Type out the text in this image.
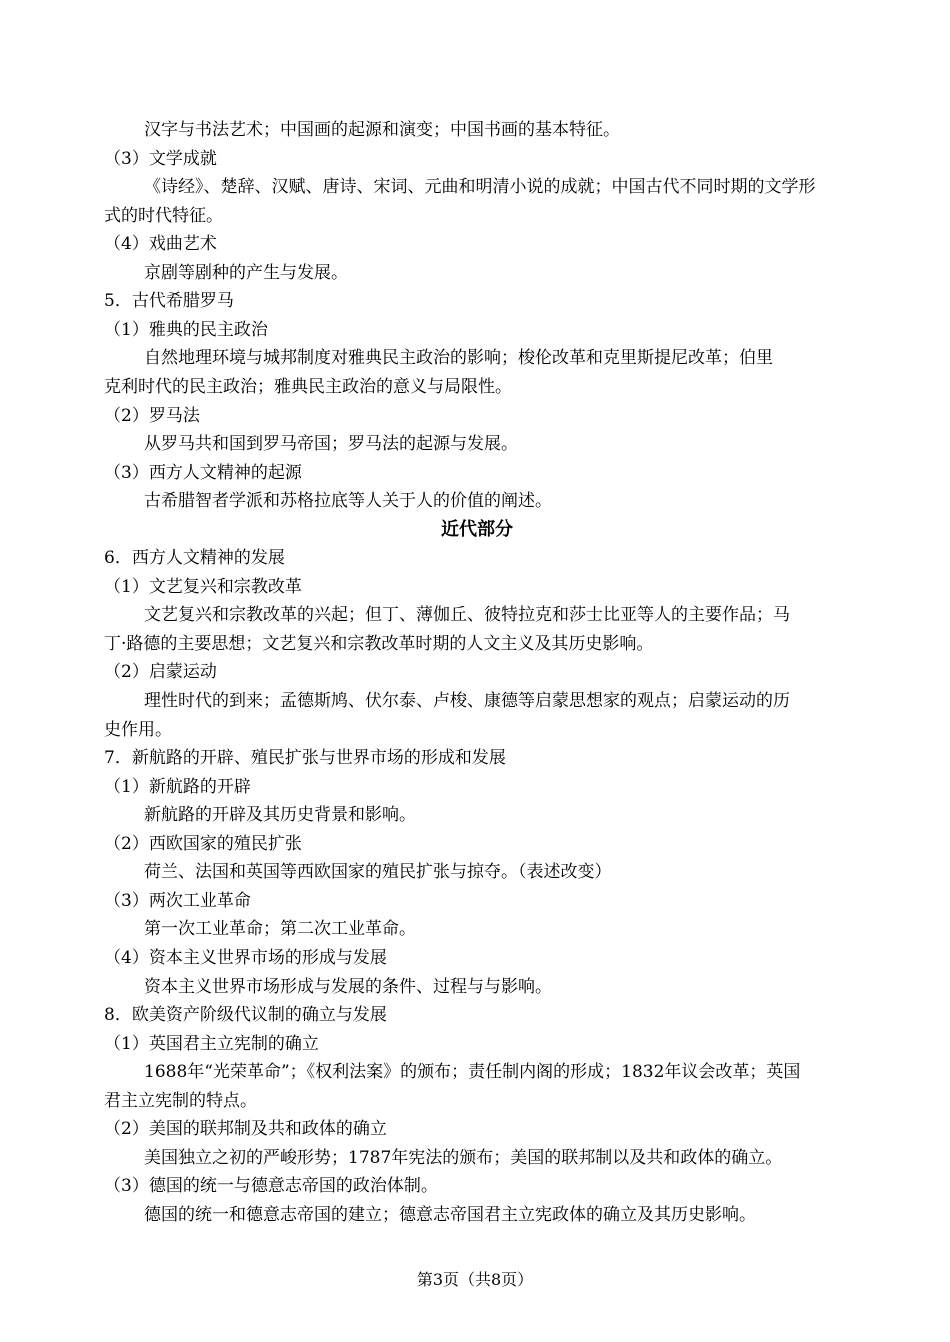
汉字与书法艺术；中国画的起源和演变；中国书画的基本特征。
（3）文学成就
《诗经》、楚辞、汉赋、唐诗、宋词、元曲和明清小说的成就；中国古代不同时期的文学形
式的时代特征。
（4）戏曲艺术
京剧等剧种的产生与发展。
5．古代希腊罗马
（1）雅典的民主政治
自然地理环境与城邦制度对雅典民主政治的影响；梭伦改革和克里斯提尼改革；伯里
克利时代的民主政治；雅典民主政治的意义与局限性。
（2）罗马法
从罗马共和国到罗马帝国；罗马法的起源与发展。
（3）西方人文精神的起源
古希腊智者学派和苏格拉底等人关于人的价值的阐述。
近代部分
6．西方人文精神的发展
（1）文艺复兴和宗教改革
文艺复兴和宗教改革的兴起；但丁、薄伽丘、彼特拉克和莎士比亚等人的主要作品；马
丁·路德的主要思想；文艺复兴和宗教改革时期的人文主义及其历史影响。
（2）启蒙运动
理性时代的到来；孟德斯鸠、伏尔泰、卢梭、康德等启蒙思想家的观点；启蒙运动的历
史作用。
7．新航路的开辟、殖民扩张与世界市场的形成和发展
（1）新航路的开辟
新航路的开辟及其历史背景和影响。
（2）西欧国家的殖民扩张
荷兰、法国和英国等西欧国家的殖民扩张与掠夺。（表述改变）
（3）两次工业革命
第一次工业革命；第二次工业革命。
（4）资本主义世界市场的形成与发展
资本主义世界市场形成与发展的条件、过程与与影响。
8．欧美资产阶级代议制的确立与发展
（1）英国君主立宪制的确立
1688年“光荣革命”；《权利法案》的颁布；责任制内阁的形成；1832年议会改革；英国
君主立宪制的特点。
（2）美国的联邦制及共和政体的确立
美国独立之初的严峻形势；1787年宪法的颁布；美国的联邦制以及共和政体的确立。
（3）德国的统一与德意志帝国的政治体制。
德国的统一和德意志帝国的建立；德意志帝国君主立宪政体的确立及其历史影响。
第3页（共8页）
